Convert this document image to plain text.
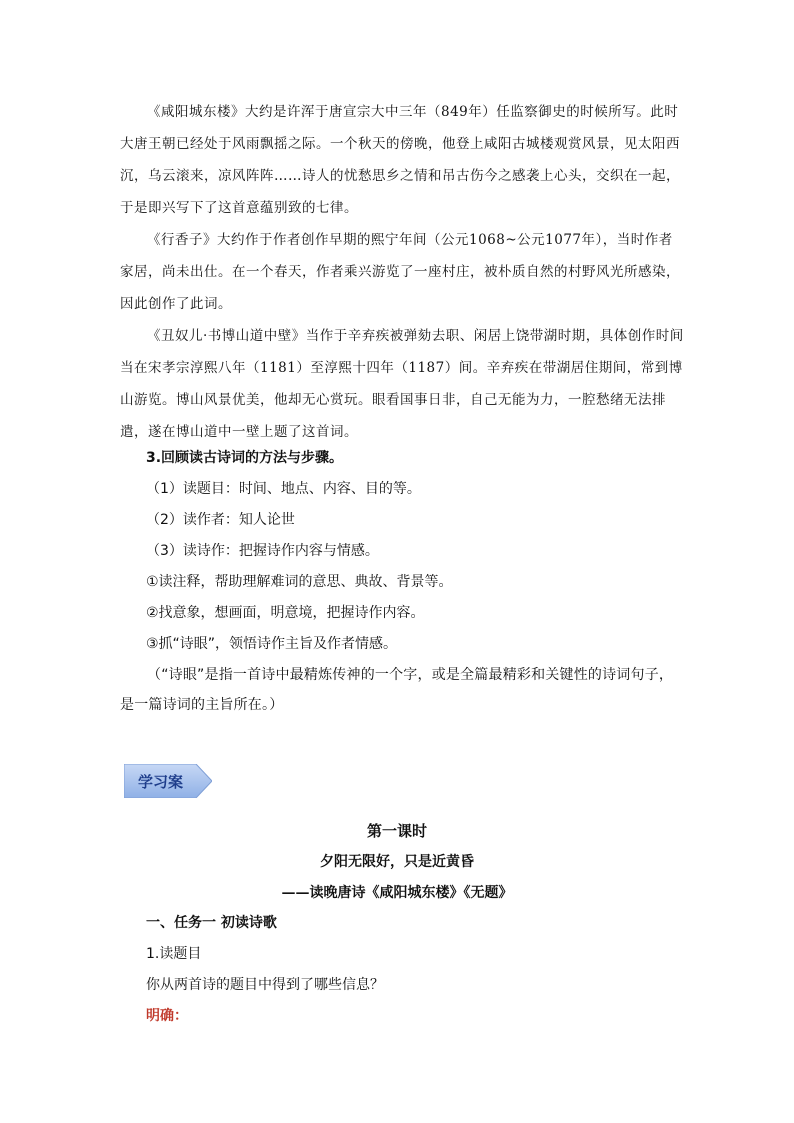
《咸阳城东楼》大约是许浑于唐宣宗大中三年（849年）任监察御史的时候所写。此时大唐王朝已经处于风雨飘摇之际。一个秋天的傍晚，他登上咸阳古城楼观赏风景，见太阳西沉，乌云滚来，凉风阵阵……诗人的忧愁思乡之情和吊古伤今之感袭上心头，交织在一起，于是即兴写下了这首意蕴别致的七律。

《行香子》大约作于作者创作早期的熙宁年间（公元1068~公元1077年），当时作者家居，尚未出仕。在一个春天，作者乘兴游览了一座村庄，被朴质自然的村野风光所感染，因此创作了此词。

《丑奴儿·书博山道中壁》当作于辛弃疾被弹劾去职、闲居上饶带湖时期，具体创作时间当在宋孝宗淳熙八年（1181）至淳熙十四年（1187）间。辛弃疾在带湖居住期间，常到博山游览。博山风景优美，他却无心赏玩。眼看国事日非，自己无能为力，一腔愁绪无法排遣，遂在博山道中一壁上题了这首词。

3.回顾读古诗词的方法与步骤。
（1）读题目：时间、地点、内容、目的等。
（2）读作者：知人论世
（3）读诗作：把握诗作内容与情感。
①读注释，帮助理解难词的意思、典故、背景等。
②找意象，想画面，明意境，把握诗作内容。
③抓“诗眼”，领悟诗作主旨及作者情感。

（“诗眼”是指一首诗中最精炼传神的一个字，或是全篇最精彩和关键性的诗词句子，是一篇诗词的主旨所在。）

学习案
第一课时
夕阳无限好，只是近黄昏
——读晚唐诗《咸阳城东楼》《无题》
一、任务一 初读诗歌
1.读题目
你从两首诗的题目中得到了哪些信息？
明确：
